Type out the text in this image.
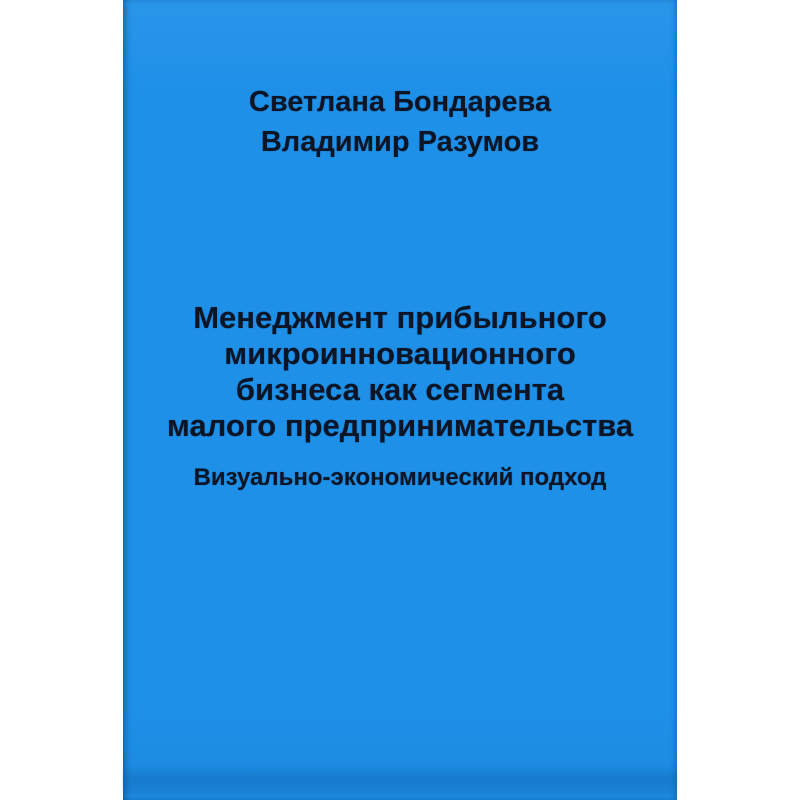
Светлана Бондарева
Владимир Разумов
Менеджмент прибыльного
микроинновационного
бизнеса как сегмента
малого предпринимательства
Визуально-экономический подход
